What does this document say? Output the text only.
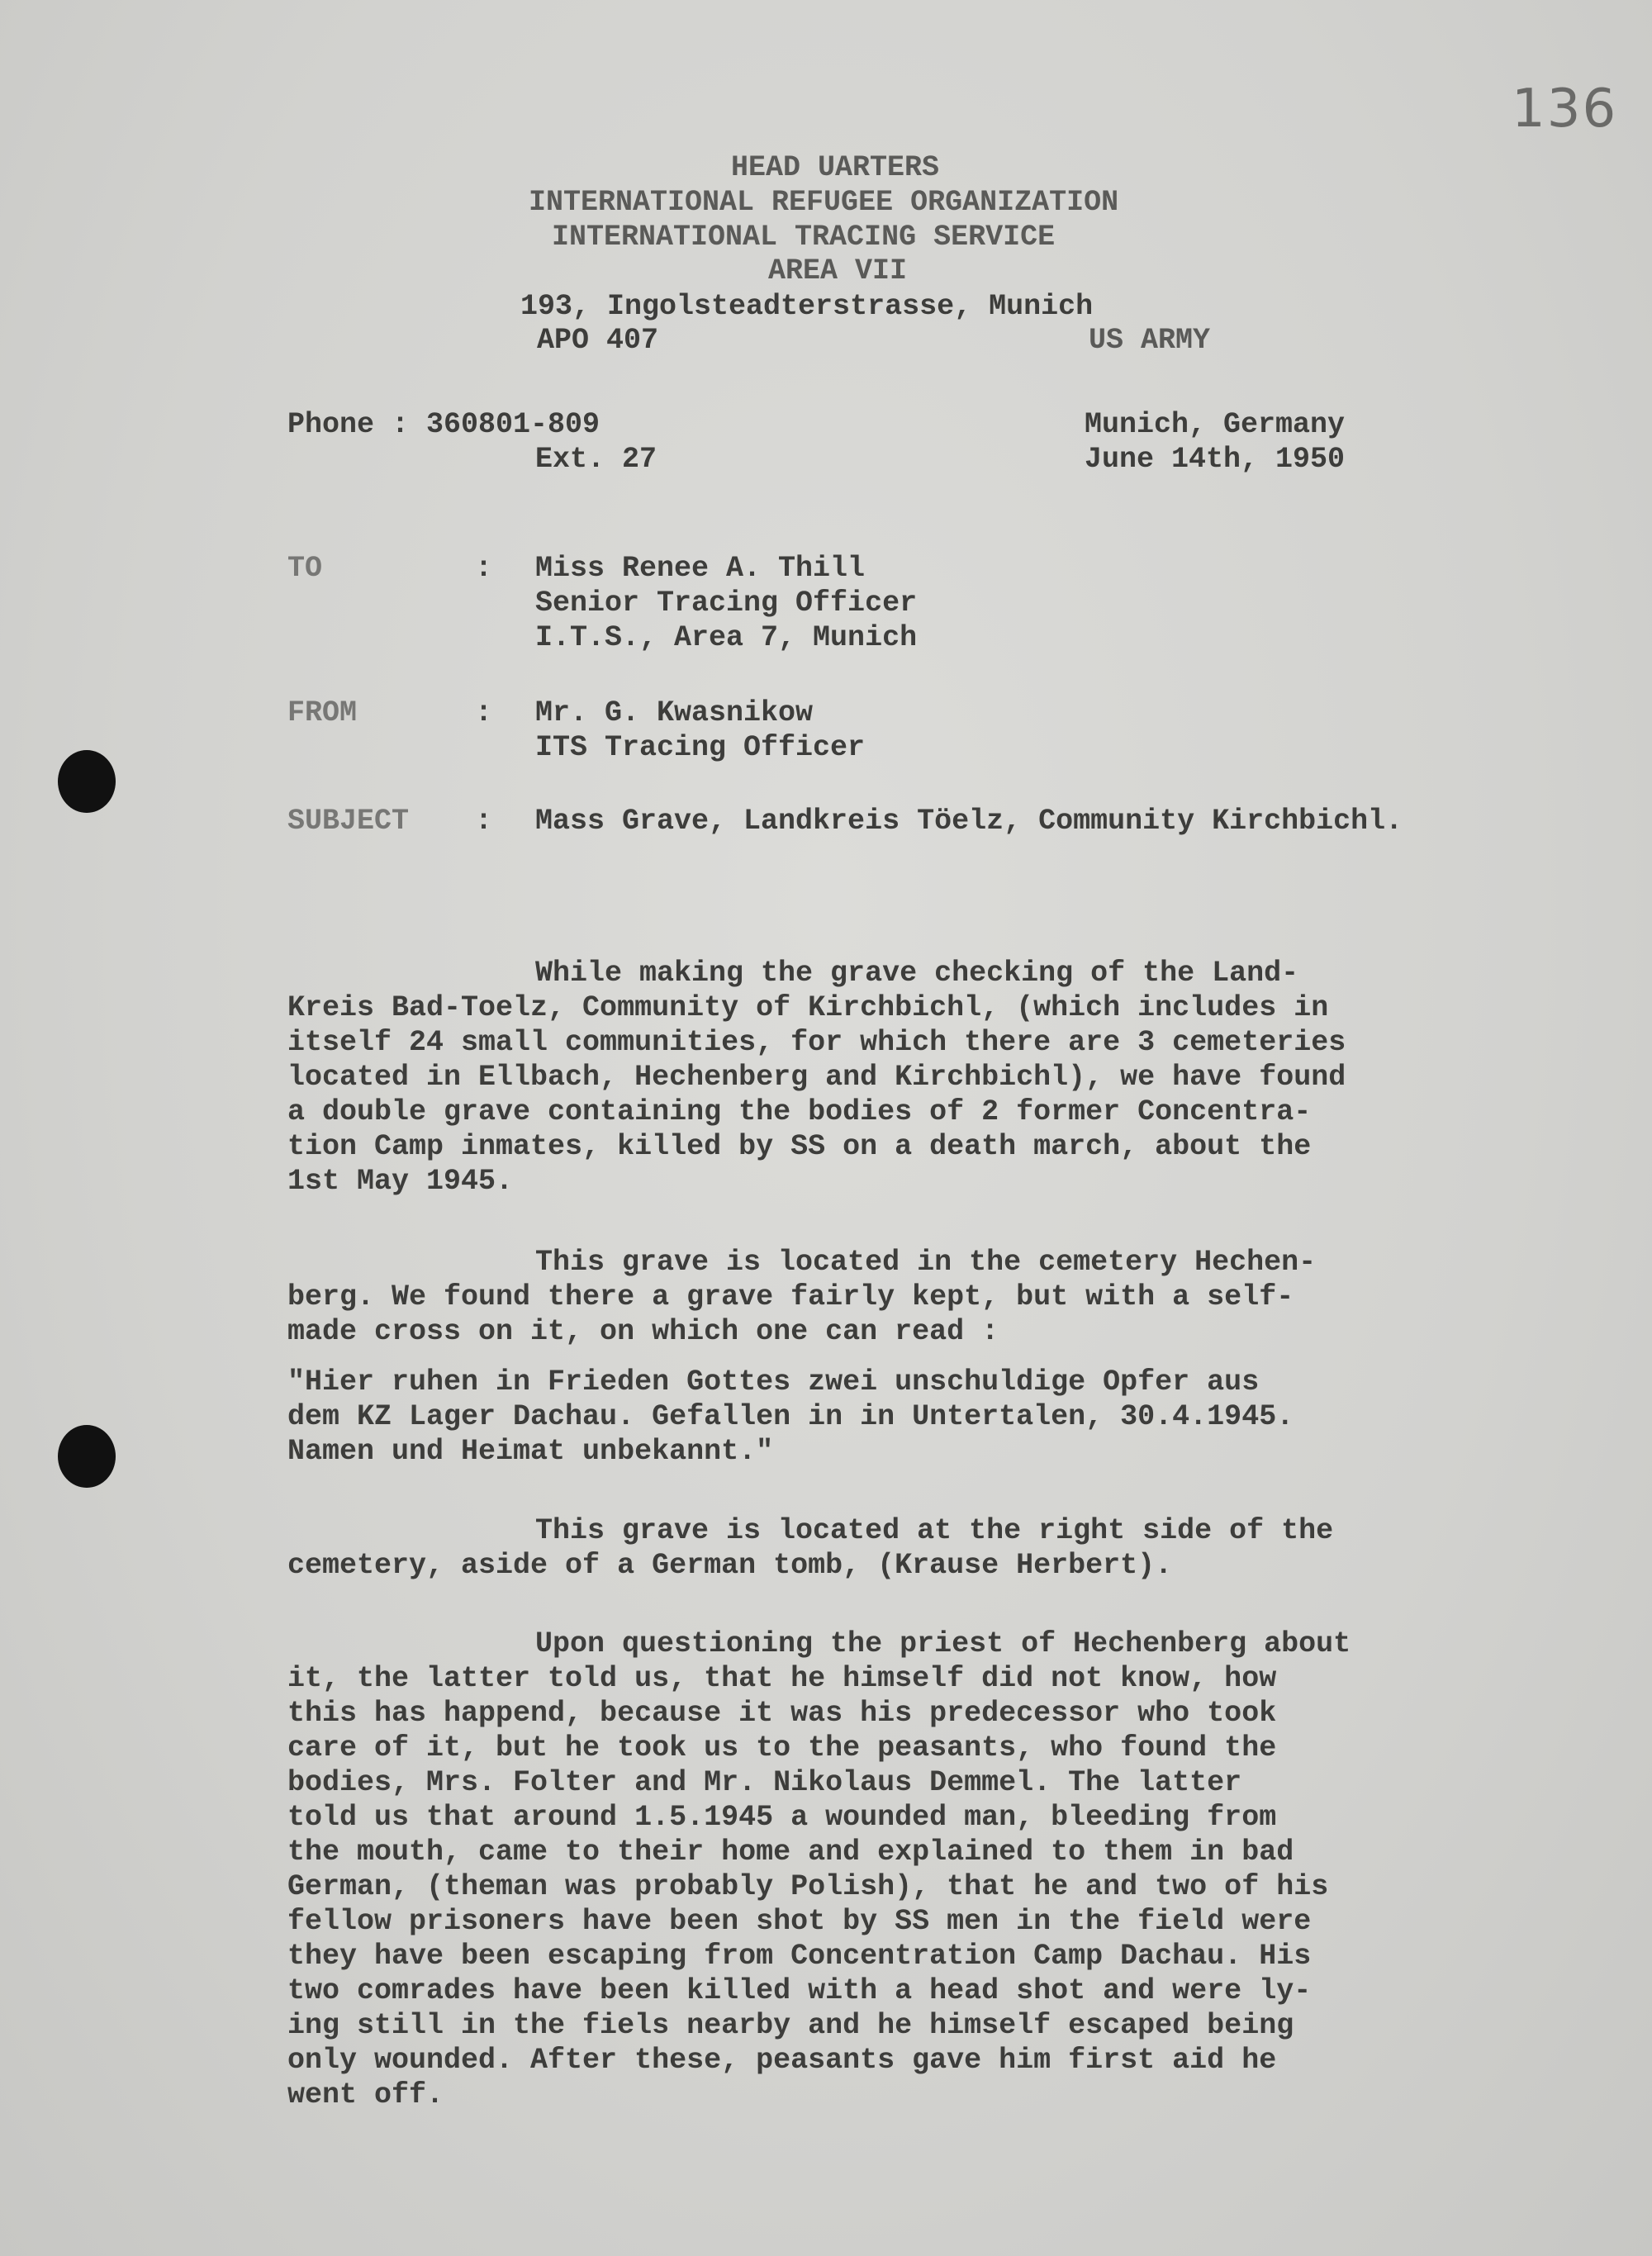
136
HEAD UARTERS
INTERNATIONAL REFUGEE ORGANIZATION
INTERNATIONAL TRACING SERVICE
AREA VII
193, Ingolsteadterstrasse, Munich
APO 407	US ARMY
Phone : 360801-809
Ext. 27
Munich, Germany
June 14th, 1950
TO	: Miss Renee A. Thill
Senior Tracing Officer
I.T.S., Area 7, Munich
FROM	: Mr. G. Kwasnikow
ITS Tracing Officer
SUBJECT : Mass Grave, Landkreis Töelz, Community Kirchbichl.
While making the grave checking of the Land-
Kreis Bad-Toelz, Community of Kirchbichl, (which includes in
itself 24 small communities, for which there are 3 cemeteries
located in Ellbach, Hechenberg and Kirchbichl), we have found
a double grave containing the bodies of 2 former Concentra-
tion Camp inmates, killed by SS on a death march, about the
1st May 1945.
This grave is located in the cemetery Hechen-
berg. We found there a grave fairly kept, but with a self-
made cross on it, on which one can read :
"Hier ruhen in Frieden Gottes zwei unschuldige Opfer aus
dem KZ Lager Dachau. Gefallen in in Untertalen, 30.4.1945.
Namen und Heimat unbekannt."
This grave is located at the right side of the
cemetery, aside of a German tomb, (Krause Herbert).
Upon questioning the priest of Hechenberg about
it, the latter told us, that he himself did not know, how
this has happend, because it was his predecessor who took
care of it, but he took us to the peasants, who found the
bodies, Mrs. Folter and Mr. Nikolaus Demmel. The latter
told us that around 1.5.1945 a wounded man, bleeding from
the mouth, came to their home and explained to them in bad
German, (theman was probably Polish), that he and two of his
fellow prisoners have been shot by SS men in the field were
they have been escaping from Concentration Camp Dachau. His
two comrades have been killed with a head shot and were ly-
ing still in the fiels nearby and he himself escaped being
only wounded. After these, peasants gave him first aid he
went off.
